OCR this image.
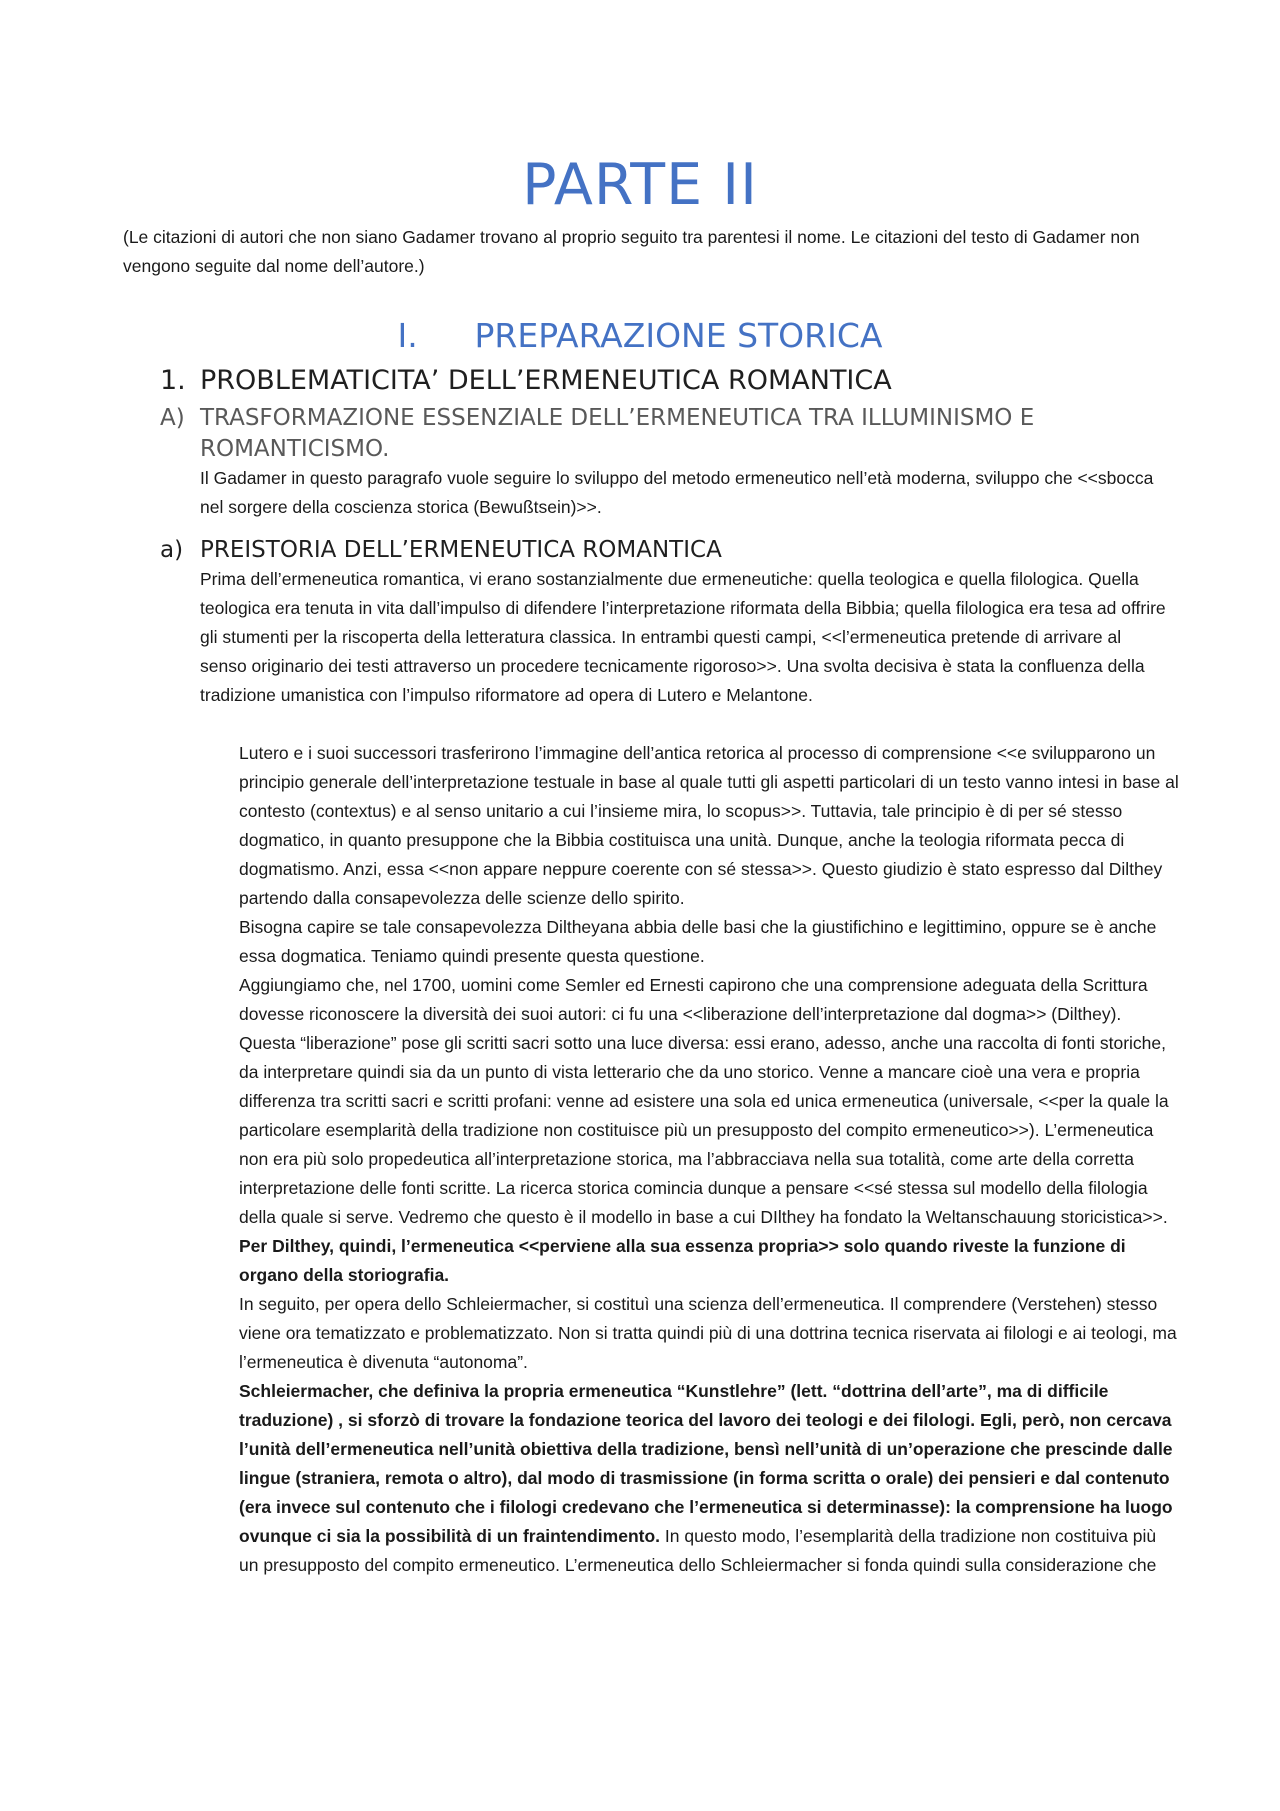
PARTE II
(Le citazioni di autori che non siano Gadamer trovano al proprio seguito tra parentesi il nome. Le citazioni del testo di Gadamer non vengono seguite dal nome dell’autore.)
I. PREPARAZIONE STORICA
1. PROBLEMATICITA’ DELL’ERMENEUTICA ROMANTICA
A) TRASFORMAZIONE ESSENZIALE DELL’ERMENEUTICA TRA ILLUMINISMO E ROMANTICISMO.
Il Gadamer in questo paragrafo vuole seguire lo sviluppo del metodo ermeneutico nell’età moderna, sviluppo che <<sbocca nel sorgere della coscienza storica (Bewußtsein)>>.
a) PREISTORIA DELL’ERMENEUTICA ROMANTICA
Prima dell’ermeneutica romantica, vi erano sostanzialmente due ermeneutiche: quella teologica e quella filologica. Quella teologica era tenuta in vita dall’impulso di difendere l’interpretazione riformata della Bibbia; quella filologica era tesa ad offrire gli stumenti per la riscoperta della letteratura classica. In entrambi questi campi, <<l’ermeneutica pretende di arrivare al senso originario dei testi attraverso un procedere tecnicamente rigoroso>>. Una svolta decisiva è stata la confluenza della tradizione umanistica con l’impulso riformatore ad opera di Lutero e Melantone.

Lutero e i suoi successori trasferirono l’immagine dell’antica retorica al processo di comprensione <<e svilupparono un principio generale dell’interpretazione testuale in base al quale tutti gli aspetti particolari di un testo vanno intesi in base al contesto (contextus) e al senso unitario a cui l’insieme mira, lo scopus>>. Tuttavia, tale principio è di per sé stesso dogmatico, in quanto presuppone che la Bibbia costituisca una unità. Dunque, anche la teologia riformata pecca di dogmatismo. Anzi, essa <<non appare neppure coerente con sé stessa>>. Questo giudizio è stato espresso dal Dilthey partendo dalla consapevolezza delle scienze dello spirito.

Bisogna capire se tale consapevolezza Diltheyana abbia delle basi che la giustifichino e legittimino, oppure se è anche essa dogmatica. Teniamo quindi presente questa questione.

Aggiungiamo che, nel 1700, uomini come Semler ed Ernesti capirono che una comprensione adeguata della Scrittura dovesse riconoscere la diversità dei suoi autori: ci fu una <<liberazione dell’interpretazione dal dogma>> (Dilthey). Questa “liberazione” pose gli scritti sacri sotto una luce diversa: essi erano, adesso, anche una raccolta di fonti storiche, da interpretare quindi sia da un punto di vista letterario che da uno storico. Venne a mancare cioè una vera e propria differenza tra scritti sacri e scritti profani: venne ad esistere una sola ed unica ermeneutica (universale, <<per la quale la particolare esemplarità della tradizione non costituisce più un presupposto del compito ermeneutico>>). L’ermeneutica non era più solo propedeutica all’interpretazione storica, ma l’abbracciava nella sua totalità, come arte della corretta interpretazione delle fonti scritte. La ricerca storica comincia dunque a pensare <<sé stessa sul modello della filologia della quale si serve. Vedremo che questo è il modello in base a cui DIlthey ha fondato la Weltanschauung storicistica>>.

Per Dilthey, quindi, l’ermeneutica <<perviene alla sua essenza propria>> solo quando riveste la funzione di organo della storiografia.

In seguito, per opera dello Schleiermacher, si costituì una scienza dell’ermeneutica. Il comprendere (Verstehen) stesso viene ora tematizzato e problematizzato. Non si tratta quindi più di una dottrina tecnica riservata ai filologi e ai teologi, ma l’ermeneutica è divenuta “autonoma”.

Schleiermacher, che definiva la propria ermeneutica “Kunstlehre” (lett. “dottrina dell’arte”, ma di difficile traduzione) , si sforzò di trovare la fondazione teorica del lavoro dei teologi e dei filologi. Egli, però, non cercava l’unità dell’ermeneutica nell’unità obiettiva della tradizione, bensì nell’unità di un’operazione che prescinde dalle lingue (straniera, remota o altro), dal modo di trasmissione (in forma scritta o orale) dei pensieri e dal contenuto (era invece sul contenuto che i filologi credevano che l’ermeneutica si determinasse): la comprensione ha luogo ovunque ci sia la possibilità di un fraintendimento. In questo modo, l’esemplarità della tradizione non costituiva più un presupposto del compito ermeneutico. L’ermeneutica dello Schleiermacher si fonda quindi sulla considerazione che
